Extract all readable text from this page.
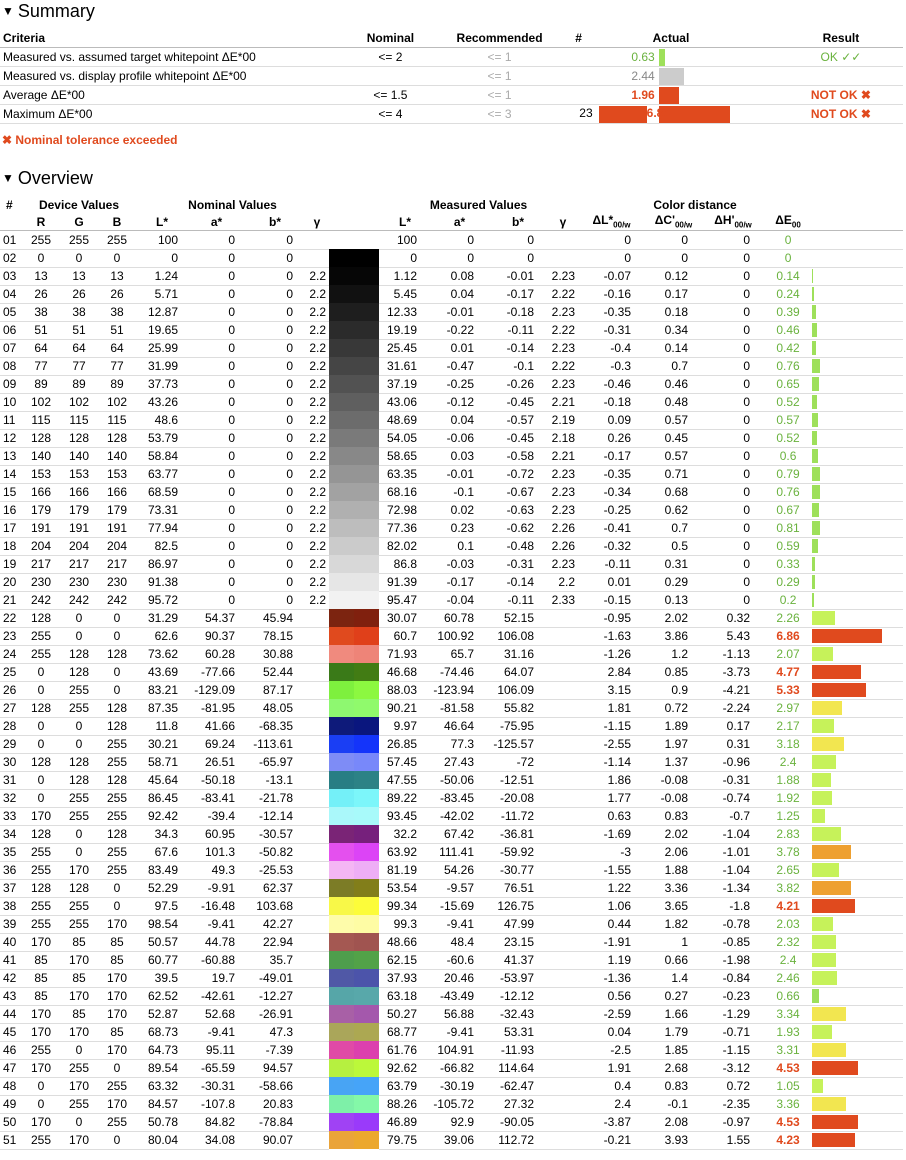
▼ Summary
Criteria	Nominal	Recommended	#	Actual		Result
Measured vs. assumed target whitepoint ΔE*00	<= 2	<= 1		0.63		OK ✓✓
Measured vs. display profile whitepoint ΔE*00		<= 1		2.44	

Average ΔE*00	<= 1.5	<= 1		1.96		NOT OK ✖
Maximum ΔE*00	<= 4	<= 3	23	6.86		NOT OK ✖
✖ Nominal tolerance exceeded
▼ Overview
#	Device Values			Nominal Values					Measured Values				Color distance				
	R	G	B	L*	a*	b*	γ		L*	a*	b*	γ	$\Delta L*_{00/w}$	$\Delta C'_{00/w}$	$\Delta H'_{00/w}$	$\Delta E_{00}$	
01	255	255	255	100	0	0			100	0	0		0	0	0	0	

02	0	0	0	0	0	0			0	0	0		0	0	0	0	

03	13	13	13	1.24	0	0	2.2		1.12	0.08	-0.01	2.23	-0.07	0.12	0	0.14	

04	26	26	26	5.71	0	0	2.2		5.45	0.04	-0.17	2.22	-0.16	0.17	0	0.24	

05	38	38	38	12.87	0	0	2.2		12.33	-0.01	-0.18	2.23	-0.35	0.18	0	0.39	

06	51	51	51	19.65	0	0	2.2		19.19	-0.22	-0.11	2.22	-0.31	0.34	0	0.46	

07	64	64	64	25.99	0	0	2.2		25.45	0.01	-0.14	2.23	-0.4	0.14	0	0.42	

08	77	77	77	31.99	0	0	2.2		31.61	-0.47	-0.1	2.22	-0.3	0.7	0	0.76	

09	89	89	89	37.73	0	0	2.2		37.19	-0.25	-0.26	2.23	-0.46	0.46	0	0.65	

10	102	102	102	43.26	0	0	2.2		43.06	-0.12	-0.45	2.21	-0.18	0.48	0	0.52	

11	115	115	115	48.6	0	0	2.2		48.69	0.04	-0.57	2.19	0.09	0.57	0	0.57	

12	128	128	128	53.79	0	0	2.2		54.05	-0.06	-0.45	2.18	0.26	0.45	0	0.52	

13	140	140	140	58.84	0	0	2.2		58.65	0.03	-0.58	2.21	-0.17	0.57	0	0.6	

14	153	153	153	63.77	0	0	2.2		63.35	-0.01	-0.72	2.23	-0.35	0.71	0	0.79	

15	166	166	166	68.59	0	0	2.2		68.16	-0.1	-0.67	2.23	-0.34	0.68	0	0.76	

16	179	179	179	73.31	0	0	2.2		72.98	0.02	-0.63	2.23	-0.25	0.62	0	0.67	

17	191	191	191	77.94	0	0	2.2		77.36	0.23	-0.62	2.26	-0.41	0.7	0	0.81	

18	204	204	204	82.5	0	0	2.2		82.02	0.1	-0.48	2.26	-0.32	0.5	0	0.59	

19	217	217	217	86.97	0	0	2.2		86.8	-0.03	-0.31	2.23	-0.11	0.31	0	0.33	

20	230	230	230	91.38	0	0	2.2		91.39	-0.17	-0.14	2.2	0.01	0.29	0	0.29	

21	242	242	242	95.72	0	0	2.2		95.47	-0.04	-0.11	2.33	-0.15	0.13	0	0.2	

22	128	0	0	31.29	54.37	45.94			30.07	60.78	52.15		-0.95	2.02	0.32	2.26	

23	255	0	0	62.6	90.37	78.15			60.7	100.92	106.08		-1.63	3.86	5.43	6.86	

24	255	128	128	73.62	60.28	30.88			71.93	65.7	31.16		-1.26	1.2	-1.13	2.07	

25	0	128	0	43.69	-77.66	52.44			46.68	-74.46	64.07		2.84	0.85	-3.73	4.77	

26	0	255	0	83.21	-129.09	87.17			88.03	-123.94	106.09		3.15	0.9	-4.21	5.33	

27	128	255	128	87.35	-81.95	48.05			90.21	-81.58	55.82		1.81	0.72	-2.24	2.97	

28	0	0	128	11.8	41.66	-68.35			9.97	46.64	-75.95		-1.15	1.89	0.17	2.17	

29	0	0	255	30.21	69.24	-113.61			26.85	77.3	-125.57		-2.55	1.97	0.31	3.18	

30	128	128	255	58.71	26.51	-65.97			57.45	27.43	-72		-1.14	1.37	-0.96	2.4	

31	0	128	128	45.64	-50.18	-13.1			47.55	-50.06	-12.51		1.86	-0.08	-0.31	1.88	

32	0	255	255	86.45	-83.41	-21.78			89.22	-83.45	-20.08		1.77	-0.08	-0.74	1.92	

33	170	255	255	92.42	-39.4	-12.14			93.45	-42.02	-11.72		0.63	0.83	-0.7	1.25	

34	128	0	128	34.3	60.95	-30.57			32.2	67.42	-36.81		-1.69	2.02	-1.04	2.83	

35	255	0	255	67.6	101.3	-50.82			63.92	111.41	-59.92		-3	2.06	-1.01	3.78	

36	255	170	255	83.49	49.3	-25.53			81.19	54.26	-30.77		-1.55	1.88	-1.04	2.65	

37	128	128	0	52.29	-9.91	62.37			53.54	-9.57	76.51		1.22	3.36	-1.34	3.82	

38	255	255	0	97.5	-16.48	103.68			99.34	-15.69	126.75		1.06	3.65	-1.8	4.21	

39	255	255	170	98.54	-9.41	42.27			99.3	-9.41	47.99		0.44	1.82	-0.78	2.03	

40	170	85	85	50.57	44.78	22.94			48.66	48.4	23.15		-1.91	1	-0.85	2.32	

41	85	170	85	60.77	-60.88	35.7			62.15	-60.6	41.37		1.19	0.66	-1.98	2.4	

42	85	85	170	39.5	19.7	-49.01			37.93	20.46	-53.97		-1.36	1.4	-0.84	2.46	

43	85	170	170	62.52	-42.61	-12.27			63.18	-43.49	-12.12		0.56	0.27	-0.23	0.66	

44	170	85	170	52.87	52.68	-26.91			50.27	56.88	-32.43		-2.59	1.66	-1.29	3.34	

45	170	170	85	68.73	-9.41	47.3			68.77	-9.41	53.31		0.04	1.79	-0.71	1.93	

46	255	0	170	64.73	95.11	-7.39			61.76	104.91	-11.93		-2.5	1.85	-1.15	3.31	

47	170	255	0	89.54	-65.59	94.57			92.62	-66.82	114.64		1.91	2.68	-3.12	4.53	

48	0	170	255	63.32	-30.31	-58.66			63.79	-30.19	-62.47		0.4	0.83	0.72	1.05	

49	0	255	170	84.57	-107.8	20.83			88.26	-105.72	27.32		2.4	-0.1	-2.35	3.36	

50	170	0	255	50.78	84.82	-78.84			46.89	92.9	-90.05		-3.87	2.08	-0.97	4.53	

51	255	170	0	80.04	34.08	90.07			79.75	39.06	112.72		-0.21	3.93	1.55	4.23	
